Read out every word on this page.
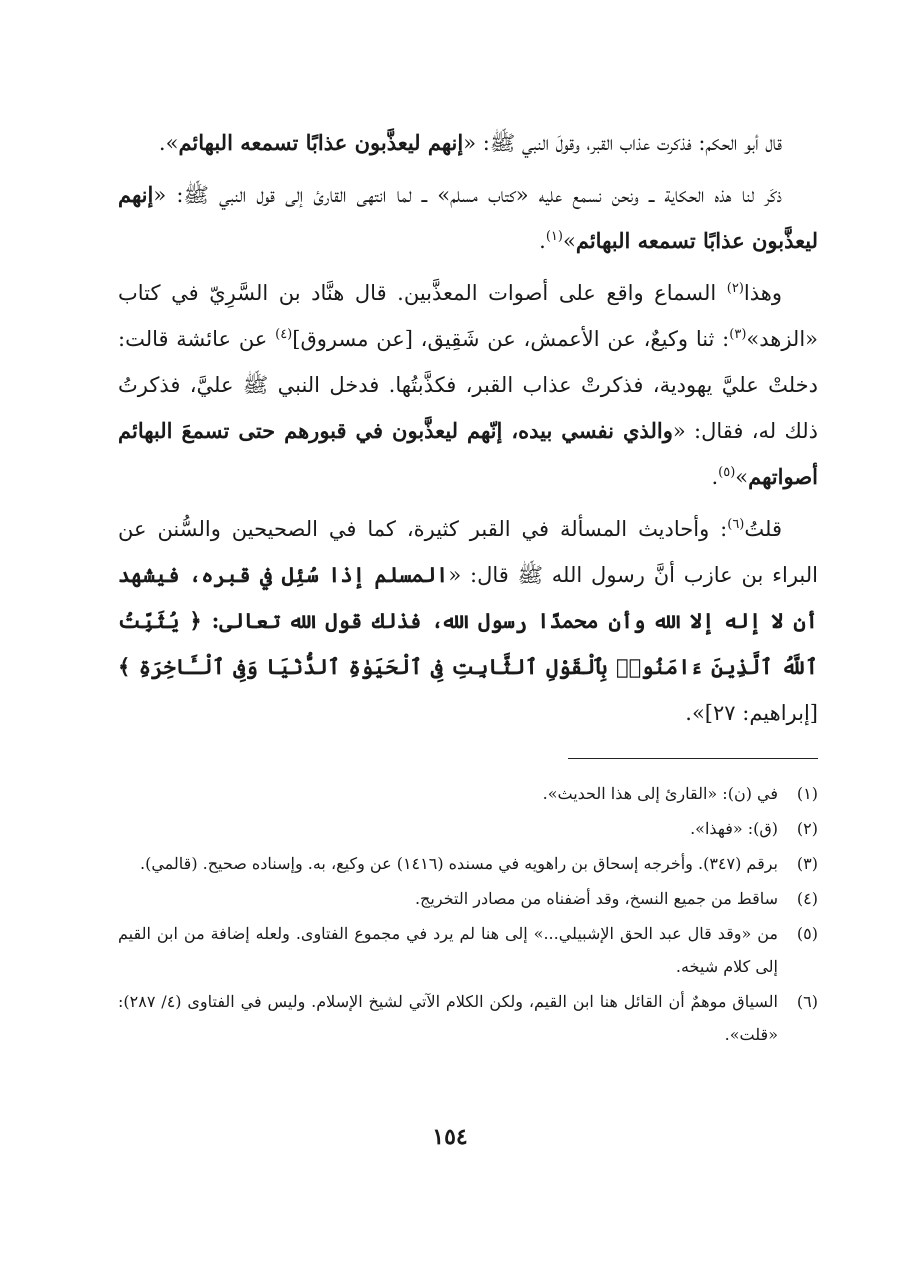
قال أبو الحكم: فذكرت عذاب القبر، وقولَ النبي ﷺ: «إنهم ليعذَّبون عذابًا تسمعه البهائم».

ذكَر لنا هذه الحكاية ــ ونحن نسمع عليه «كتاب مسلم» ــ لما انتهى القارئ إلى قول النبي ﷺ: «إنهم ليعذَّبون عذابًا تسمعه البهائم»$^{(١)}$.

وهذا$^{(٢)}$ السماع واقع على أصوات المعذَّبين. قال هنَّاد بن السَّرِيّ في كتاب «الزهد»$^{(٣)}$: ثنا وكيعٌ، عن الأعمش، عن شَقِيق، [عن مسروق]$^{(٤)}$ عن عائشة قالت: دخلتْ عليَّ يهودية، فذكرتْ عذاب القبر، فكذَّبتُها. فدخل النبي ﷺ عليَّ، فذكرتُ ذلك له، فقال: «والذي نفسي بيده، إنّهم ليعذَّبون في قبورهم حتى تسمعَ البهائم أصواتهم»$^{(٥)}$.

قلتُ$^{(٦)}$: وأحاديث المسألة في القبر كثيرة، كما في الصحيحين والسُّنن عن البراء بن عازب أنَّ رسول الله ﷺ قال: «المسلم إذا سُئِل في قبره، فيشهد أن لا إله إلا الله وأن محمدًا رسول الله، فذلك قول الله تعالى: ﴿ يُثَبِّتُ ٱللَّهُ ٱلَّذِينَ ءَامَنُوا۟ بِٱلْقَوْلِ ٱلثَّابِتِ فِى ٱلْحَيَوٰةِ ٱلدُّنْيَا وَفِى ٱلْـَٔاخِرَةِ ﴾ [إبراهيم: ٢٧]».

(١)
في (ن): «القارئ إلى هذا الحديث».
(٢)
(ق): «فهذا».
(٣)
برقم (٣٤٧). وأخرجه إسحاق بن راهويه في مسنده (١٤١٦) عن وكيع، به. وإسناده صحيح. (قالمي).
(٤)
ساقط من جميع النسخ، وقد أضفناه من مصادر التخريج.
(٥)
من «وقد قال عبد الحق الإشبيلي...» إلى هنا لم يرد في مجموع الفتاوى. ولعله إضافة من ابن القيم إلى كلام شيخه.
(٦)
السياق موهمٌ أن القائل هنا ابن القيم، ولكن الكلام الآتي لشيخ الإسلام. وليس في الفتاوى (٤/ ٢٨٧): «قلت».
١٥٤
